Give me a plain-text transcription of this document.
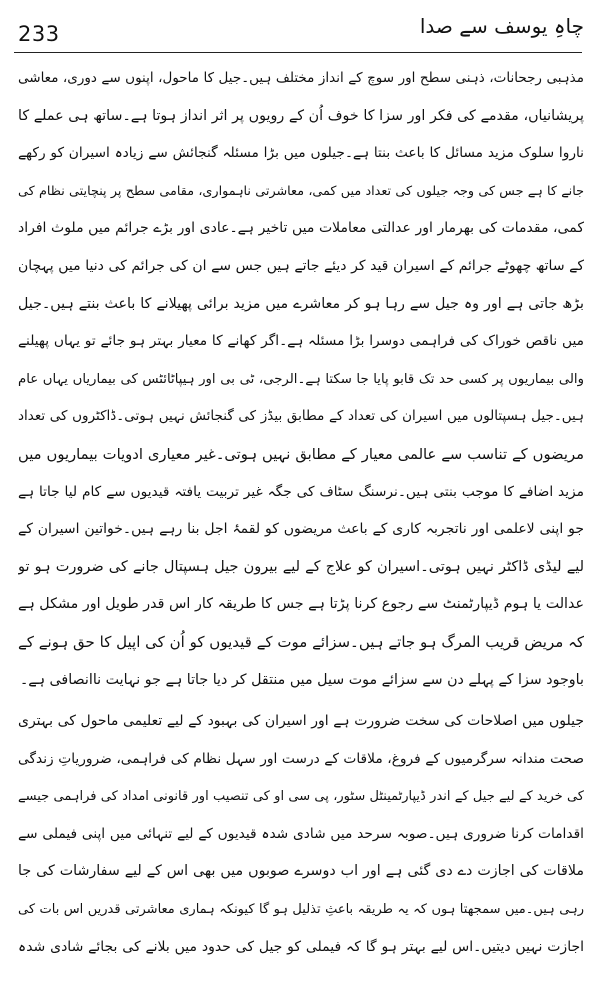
233	چاہِ یوسف سے صدا
مذہبی رجحانات، ذہنی سطح اور سوچ کے انداز مختلف ہیں۔جیل کا ماحول، اپنوں سے دوری، معاشی
پریشانیاں، مقدمے کی فکر اور سزا کا خوف اُن کے رویوں پر اثر انداز ہوتا ہے۔ساتھ ہی عملے کا
ناروا سلوک مزید مسائل کا باعث بنتا ہے۔جیلوں میں بڑا مسئلہ گنجائش سے زیادہ اسیران کو رکھے
جانے کا ہے جس کی وجہ جیلوں کی تعداد میں کمی، معاشرتی ناہمواری، مقامی سطح پر پنچایتی نظام کی
کمی، مقدمات کی بھرمار اور عدالتی معاملات میں تاخیر ہے۔عادی اور بڑے جرائم میں ملوث افراد
کے ساتھ چھوٹے جرائم کے اسیران قید کر دیئے جاتے ہیں جس سے ان کی جرائم کی دنیا میں پہچان
بڑھ جاتی ہے اور وہ جیل سے رہا ہو کر معاشرے میں مزید برائی پھیلانے کا باعث بنتے ہیں۔جیل
میں ناقص خوراک کی فراہمی دوسرا بڑا مسئلہ ہے۔اگر کھانے کا معیار بہتر ہو جائے تو یہاں پھیلنے
والی بیماریوں پر کسی حد تک قابو پایا جا سکتا ہے۔الرجی، ٹی بی اور ہیپاٹائٹس کی بیماریاں یہاں عام
ہیں۔جیل ہسپتالوں میں اسیران کی تعداد کے مطابق بیڈز کی گنجائش نہیں ہوتی۔ڈاکٹروں کی تعداد
مریضوں کے تناسب سے عالمی معیار کے مطابق نہیں ہوتی۔غیر معیاری ادویات بیماریوں میں
مزید اضافے کا موجب بنتی ہیں۔نرسنگ سٹاف کی جگہ غیر تربیت یافتہ قیدیوں سے کام لیا جاتا ہے
جو اپنی لاعلمی اور ناتجربہ کاری کے باعث مریضوں کو لقمۂ اجل بنا رہے ہیں۔خواتین اسیران کے
لیے لیڈی ڈاکٹر نہیں ہوتی۔اسیران کو علاج کے لیے بیرون جیل ہسپتال جانے کی ضرورت ہو تو
عدالت یا ہوم ڈیپارٹمنٹ سے رجوع کرنا پڑتا ہے جس کا طریقہ کار اس قدر طویل اور مشکل ہے
کہ مریض قریب المرگ ہو جاتے ہیں۔سزائے موت کے قیدیوں کو اُن کی اپیل کا حق ہونے کے
باوجود سزا کے پہلے دن سے سزائے موت سیل میں منتقل کر دیا جاتا ہے جو نہایت ناانصافی ہے۔
جیلوں میں اصلاحات کی سخت ضرورت ہے اور اسیران کی بہبود کے لیے تعلیمی ماحول کی بہتری
صحت مندانہ سرگرمیوں کے فروغ، ملاقات کے درست اور سہل نظام کی فراہمی، ضروریاتِ زندگی
کی خرید کے لیے جیل کے اندر ڈیپارٹمینٹل سٹور، پی سی او کی تنصیب اور قانونی امداد کی فراہمی جیسے
اقدامات کرنا ضروری ہیں۔صوبہ سرحد میں شادی شدہ قیدیوں کے لیے تنہائی میں اپنی فیملی سے
ملاقات کی اجازت دے دی گئی ہے اور اب دوسرے صوبوں میں بھی اس کے لیے سفارشات کی جا
رہی ہیں۔میں سمجھتا ہوں کہ یہ طریقہ باعثِ تذلیل ہو گا کیونکہ ہماری معاشرتی قدریں اس بات کی
اجازت نہیں دیتیں۔اس لیے بہتر ہو گا کہ فیملی کو جیل کی حدود میں بلانے کی بجائے شادی شدہ
